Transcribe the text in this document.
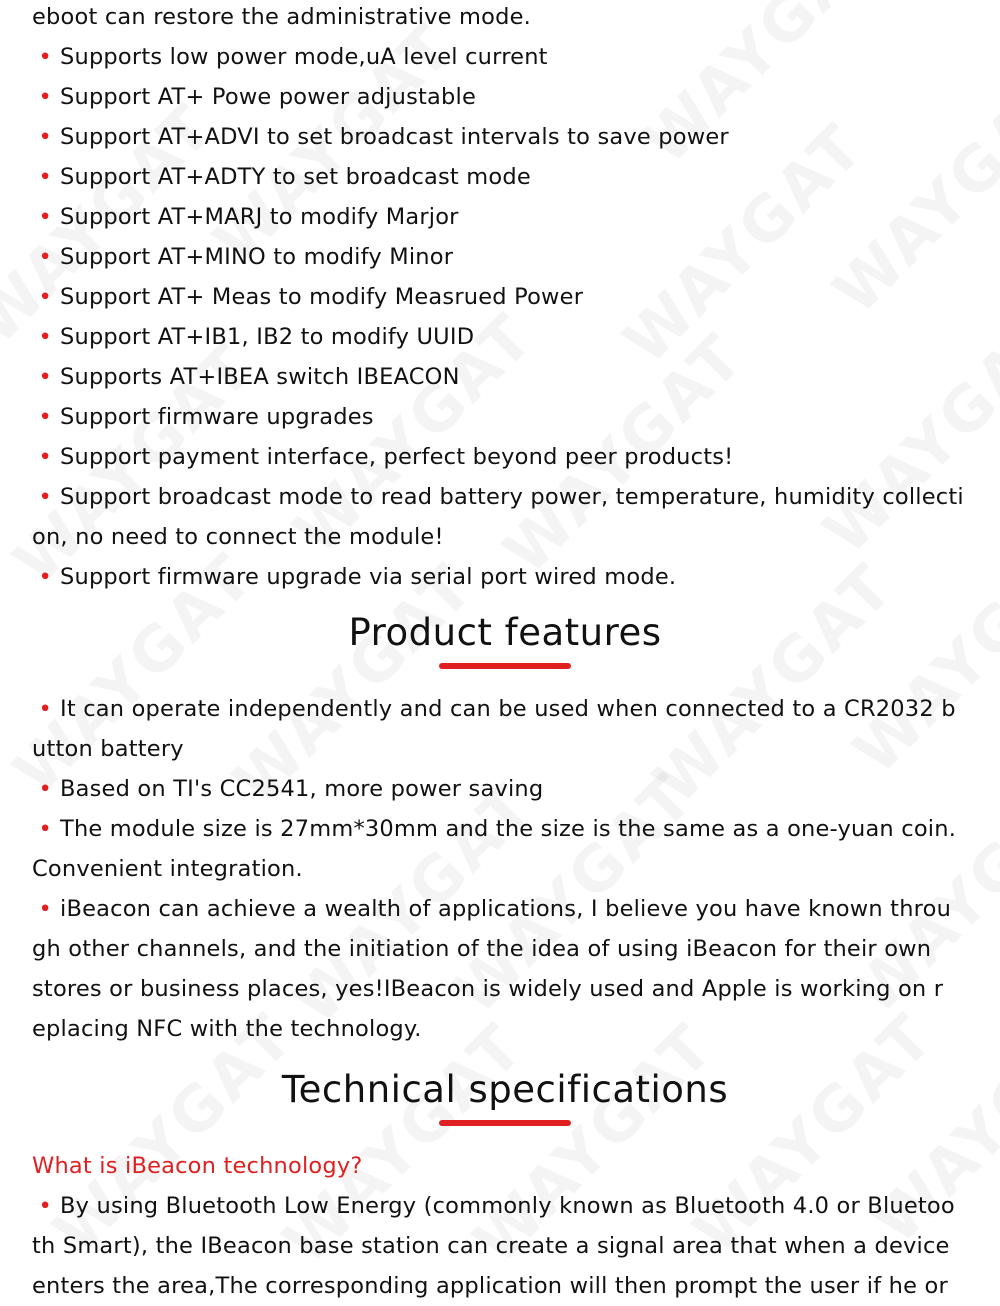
eboot can restore the administrative mode.
• Supports low power mode,uA level current
• Support AT+ Powe power adjustable
• Support AT+ADVI to set broadcast intervals to save power
• Support AT+ADTY to set broadcast mode
• Support AT+MARJ to modify Marjor
• Support AT+MINO to modify Minor
• Support AT+ Meas to modify Measrued Power
• Support AT+IB1, IB2 to modify UUID
• Supports AT+IBEA switch IBEACON
• Support firmware upgrades
• Support payment interface, perfect beyond peer products!
• Support broadcast mode to read battery power, temperature, humidity collecti
on, no need to connect the module!
• Support firmware upgrade via serial port wired mode.
Product features
• It can operate independently and can be used when connected to a CR2032 b
utton battery
• Based on TI's CC2541, more power saving
• The module size is 27mm*30mm and the size is the same as a one-yuan coin.
Convenient integration.
• iBeacon can achieve a wealth of applications, I believe you have known throu
gh other channels, and the initiation of the idea of using iBeacon for their own
stores or business places, yes!IBeacon is widely used and Apple is working on r
eplacing NFC with the technology.
Technical specifications
What is iBeacon technology?
• By using Bluetooth Low Energy (commonly known as Bluetooth 4.0 or Bluetoo
th Smart), the IBeacon base station can create a signal area that when a device
enters the area,The corresponding application will then prompt the user if he or
